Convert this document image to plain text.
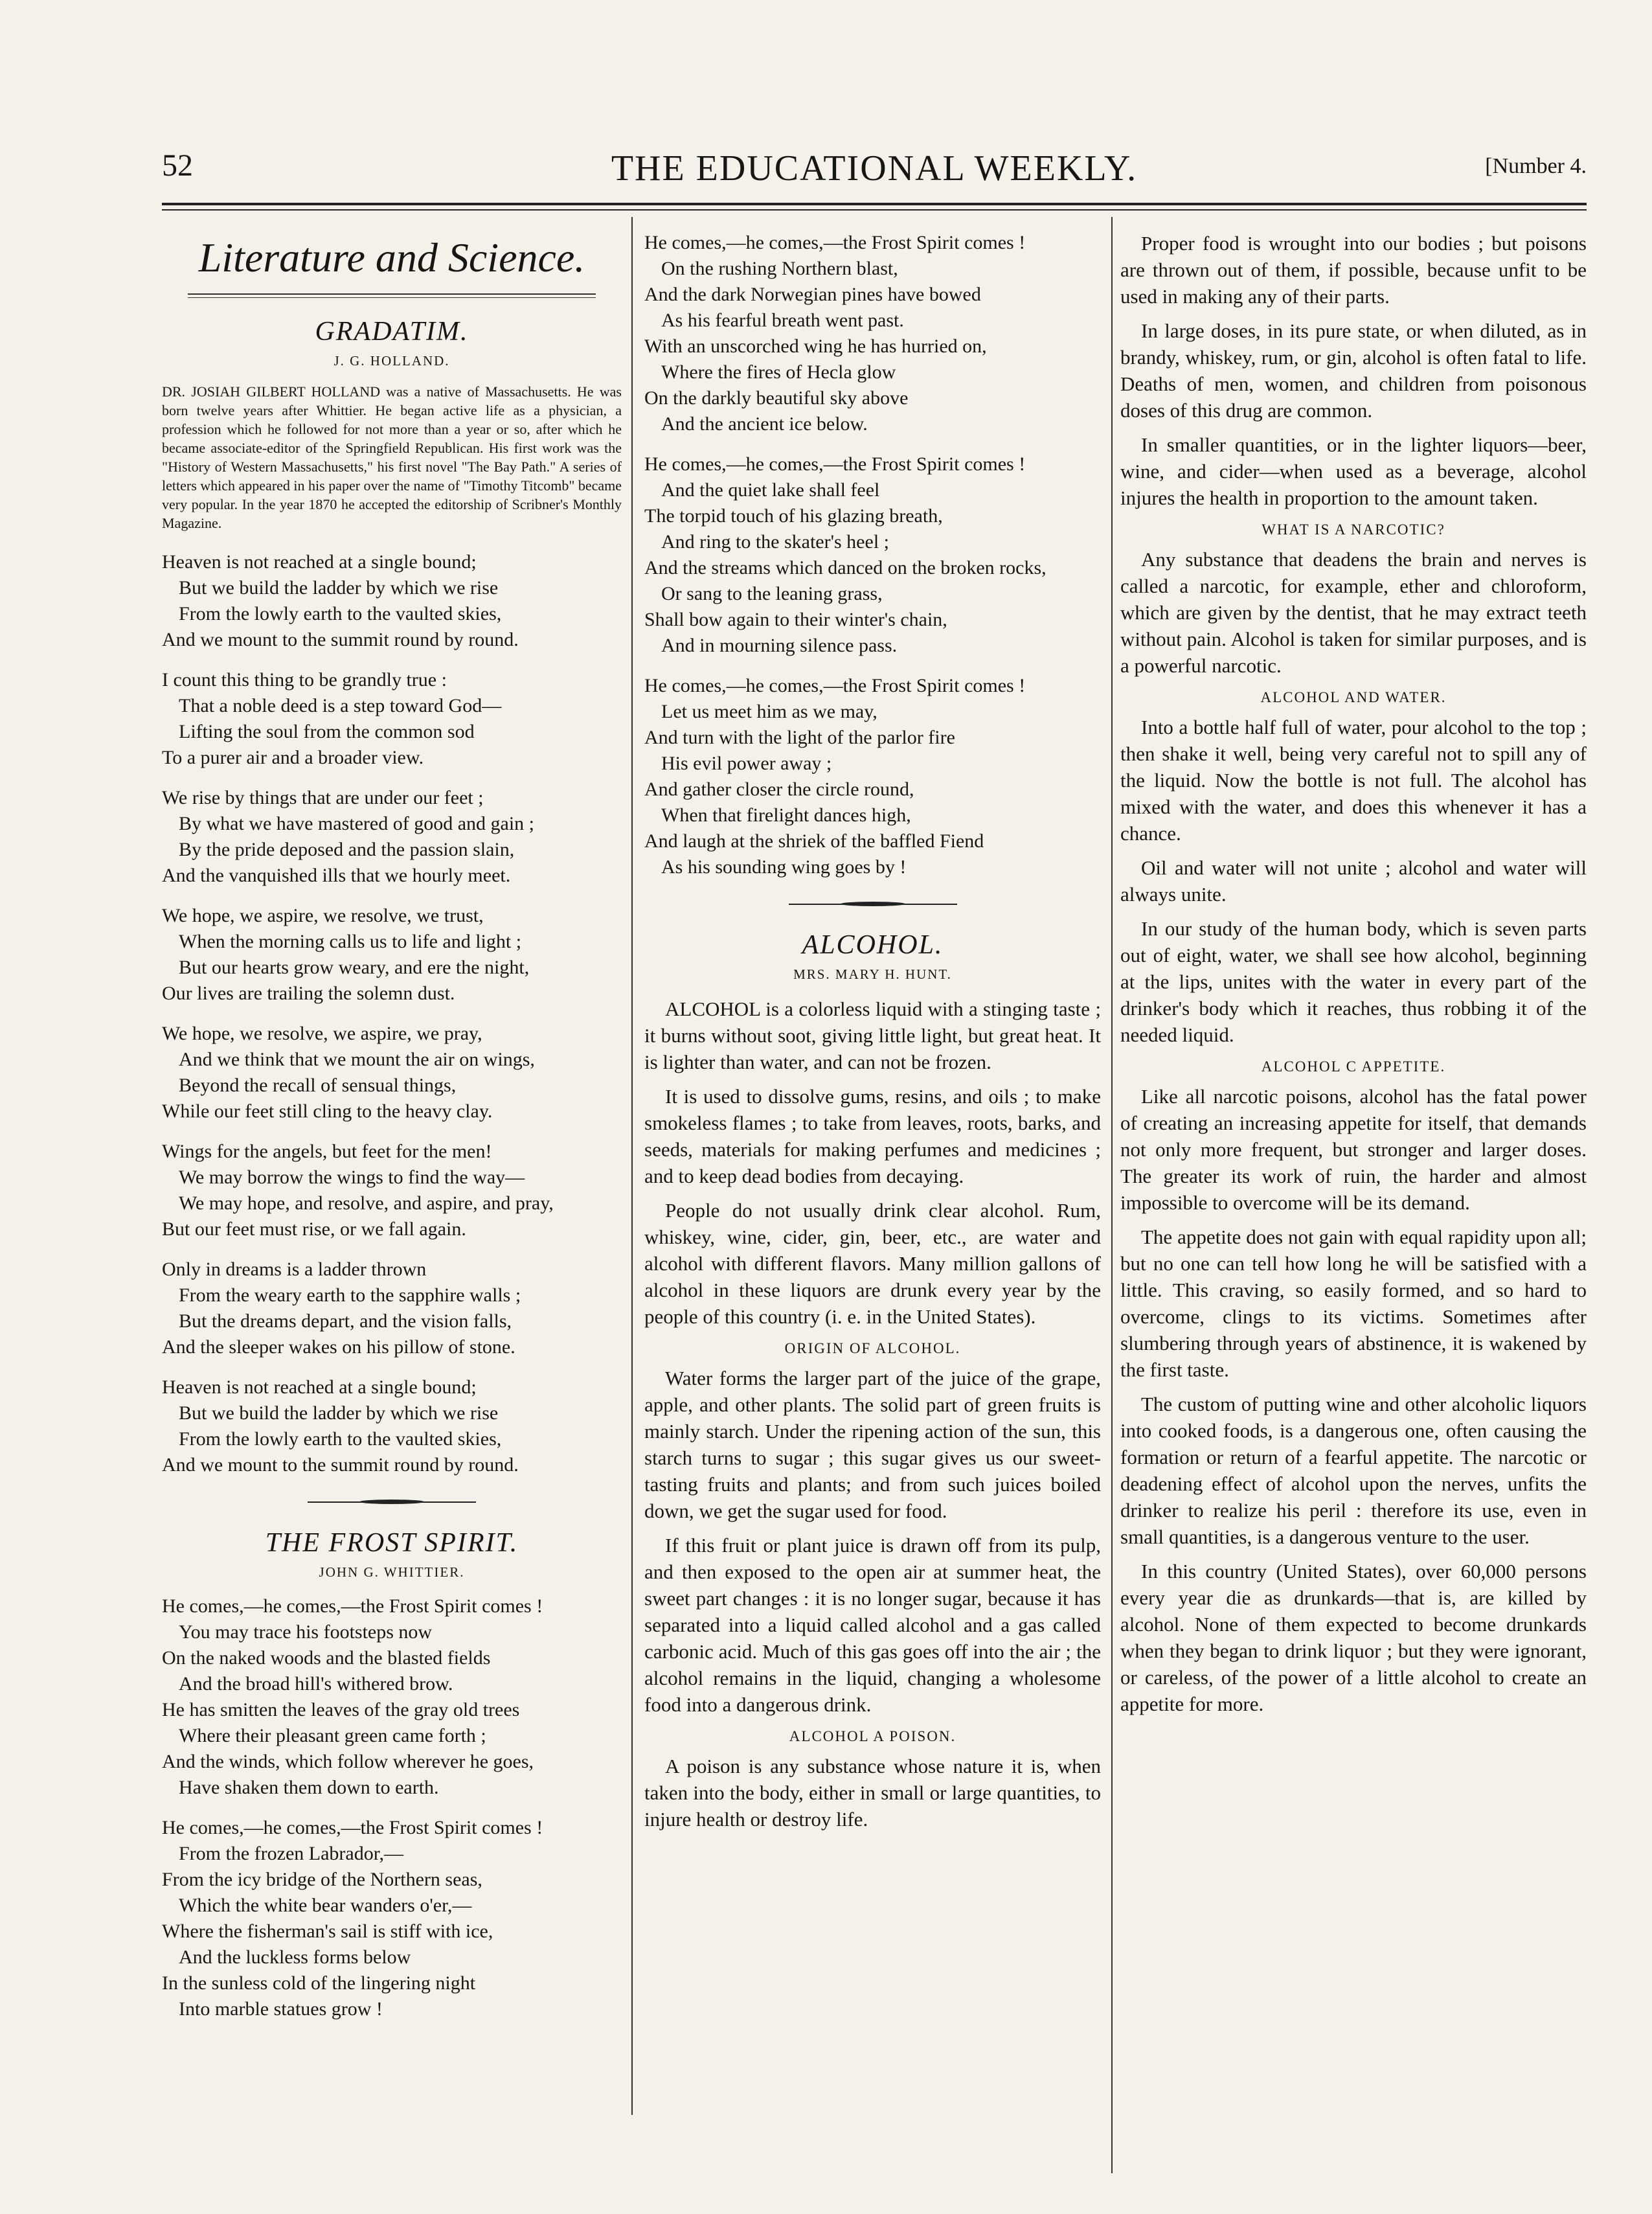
52	THE EDUCATIONAL WEEKLY.	[Number 4.
Literature and Science.
GRADATIM.
J. G. HOLLAND.
DR. JOSIAH GILBERT HOLLAND was a native of Massachusetts. He was born twelve years after Whittier. He began active life as a physician, a profession which he followed for not more than a year or so, after which he became associate-editor of the Springfield Republican. His first work was the "History of Western Massachusetts," his first novel "The Bay Path." A series of letters which appeared in his paper over the name of "Timothy Titcomb" became very popular. In the year 1870 he accepted the editorship of Scribner's Monthly Magazine.
Heaven is not reached at a single bound;
But we build the ladder by which we rise
From the lowly earth to the vaulted skies,
And we mount to the summit round by round.
I count this thing to be grandly true :
That a noble deed is a step toward God—
Lifting the soul from the common sod
To a purer air and a broader view.
We rise by things that are under our feet ;
By what we have mastered of good and gain ;
By the pride deposed and the passion slain,
And the vanquished ills that we hourly meet.
We hope, we aspire, we resolve, we trust,
When the morning calls us to life and light ;
But our hearts grow weary, and ere the night,
Our lives are trailing the solemn dust.
We hope, we resolve, we aspire, we pray,
And we think that we mount the air on wings,
Beyond the recall of sensual things,
While our feet still cling to the heavy clay.
Wings for the angels, but feet for the men!
We may borrow the wings to find the way—
We may hope, and resolve, and aspire, and pray,
But our feet must rise, or we fall again.
Only in dreams is a ladder thrown
From the weary earth to the sapphire walls ;
But the dreams depart, and the vision falls,
And the sleeper wakes on his pillow of stone.
Heaven is not reached at a single bound;
But we build the ladder by which we rise
From the lowly earth to the vaulted skies,
And we mount to the summit round by round.
THE FROST SPIRIT.
JOHN G. WHITTIER.
He comes,—he comes,—the Frost Spirit comes !
You may trace his footsteps now
On the naked woods and the blasted fields
And the broad hill's withered brow.
He has smitten the leaves of the gray old trees
Where their pleasant green came forth ;
And the winds, which follow wherever he goes,
Have shaken them down to earth.
He comes,—he comes,—the Frost Spirit comes !
From the frozen Labrador,—
From the icy bridge of the Northern seas,
Which the white bear wanders o'er,—
Where the fisherman's sail is stiff with ice,
And the luckless forms below
In the sunless cold of the lingering night
Into marble statues grow !
He comes,—he comes,—the Frost Spirit comes !
On the rushing Northern blast,
And the dark Norwegian pines have bowed
As his fearful breath went past.
With an unscorched wing he has hurried on,
Where the fires of Hecla glow
On the darkly beautiful sky above
And the ancient ice below.
He comes,—he comes,—the Frost Spirit comes !
And the quiet lake shall feel
The torpid touch of his glazing breath,
And ring to the skater's heel ;
And the streams which danced on the broken rocks,
Or sang to the leaning grass,
Shall bow again to their winter's chain,
And in mourning silence pass.
He comes,—he comes,—the Frost Spirit comes !
Let us meet him as we may,
And turn with the light of the parlor fire
His evil power away ;
And gather closer the circle round,
When that firelight dances high,
And laugh at the shriek of the baffled Fiend
As his sounding wing goes by !
ALCOHOL.
MRS. MARY H. HUNT.

ALCOHOL is a colorless liquid with a stinging taste ; it burns without soot, giving little light, but great heat. It is lighter than water, and can not be frozen.

It is used to dissolve gums, resins, and oils ; to make smokeless flames ; to take from leaves, roots, barks, and seeds, materials for making perfumes and medicines ; and to keep dead bodies from decaying.

People do not usually drink clear alcohol. Rum, whiskey, wine, cider, gin, beer, etc., are water and alcohol with different flavors. Many million gallons of alcohol in these liquors are drunk every year by the people of this country (i. e. in the United States).

ORIGIN OF ALCOHOL.

Water forms the larger part of the juice of the grape, apple, and other plants. The solid part of green fruits is mainly starch. Under the ripening action of the sun, this starch turns to sugar ; this sugar gives us our sweet-tasting fruits and plants; and from such juices boiled down, we get the sugar used for food.

If this fruit or plant juice is drawn off from its pulp, and then exposed to the open air at summer heat, the sweet part changes : it is no longer sugar, because it has separated into a liquid called alcohol and a gas called carbonic acid. Much of this gas goes off into the air ; the alcohol remains in the liquid, changing a wholesome food into a dangerous drink.

ALCOHOL A POISON.

A poison is any substance whose nature it is, when taken into the body, either in small or large quantities, to injure health or destroy life.

Proper food is wrought into our bodies ; but poisons are thrown out of them, if possible, because unfit to be used in making any of their parts.

In large doses, in its pure state, or when diluted, as in brandy, whiskey, rum, or gin, alcohol is often fatal to life. Deaths of men, women, and children from poisonous doses of this drug are common.

In smaller quantities, or in the lighter liquors—beer, wine, and cider—when used as a beverage, alcohol injures the health in proportion to the amount taken.

WHAT IS A NARCOTIC?

Any substance that deadens the brain and nerves is called a narcotic, for example, ether and chloroform, which are given by the dentist, that he may extract teeth without pain. Alcohol is taken for similar purposes, and is a powerful narcotic.

ALCOHOL AND WATER.

Into a bottle half full of water, pour alcohol to the top ; then shake it well, being very careful not to spill any of the liquid. Now the bottle is not full. The alcohol has mixed with the water, and does this whenever it has a chance.

Oil and water will not unite ; alcohol and water will always unite.

In our study of the human body, which is seven parts out of eight, water, we shall see how alcohol, beginning at the lips, unites with the water in every part of the drinker's body which it reaches, thus robbing it of the needed liquid.

ALCOHOL C APPETITE.

Like all narcotic poisons, alcohol has the fatal power of creating an increasing appetite for itself, that demands not only more frequent, but stronger and larger doses. The greater its work of ruin, the harder and almost impossible to overcome will be its demand.

The appetite does not gain with equal rapidity upon all; but no one can tell how long he will be satisfied with a little. This craving, so easily formed, and so hard to overcome, clings to its victims. Sometimes after slumbering through years of abstinence, it is wakened by the first taste.

The custom of putting wine and other alcoholic liquors into cooked foods, is a dangerous one, often causing the formation or return of a fearful appetite. The narcotic or deadening effect of alcohol upon the nerves, unfits the drinker to realize his peril : therefore its use, even in small quantities, is a dangerous venture to the user.

In this country (United States), over 60,000 persons every year die as drunkards—that is, are killed by alcohol. None of them expected to become drunkards when they began to drink liquor ; but they were ignorant, or careless, of the power of a little alcohol to create an appetite for more.
